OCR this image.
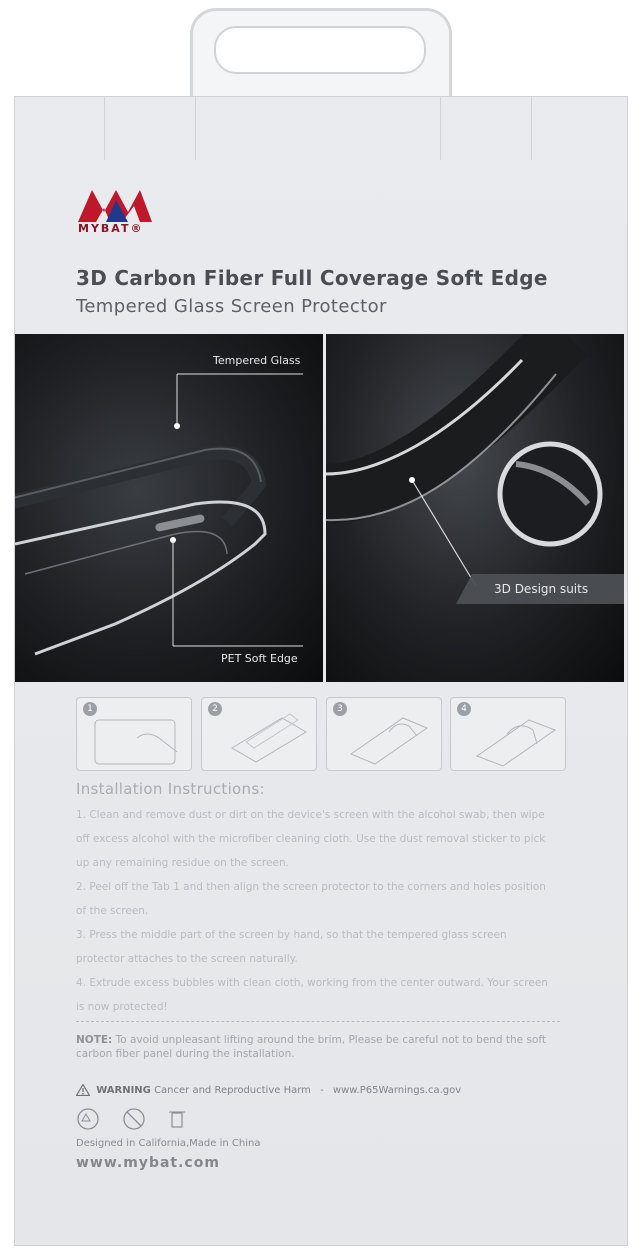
MYBAT®
3D Carbon Fiber Full Coverage Soft Edge
Tempered Glass Screen Protector
Tempered Glass
PET Soft Edge
3D Design suits
1	2	3	4
Installation Instructions:
1. Clean and remove dust or dirt on the device's screen with the alcohol swab, then wipe
off excess alcohol with the microfiber cleaning cloth. Use the dust removal sticker to pick
up any remaining residue on the screen.
2. Peel off the Tab 1 and then align the screen protector to the corners and holes position
of the screen.
3. Press the middle part of the screen by hand, so that the tempered glass screen
protector attaches to the screen naturally.
4. Extrude excess bubbles with clean cloth, working from the center outward. Your screen
is now protected!
NOTE: To avoid unpleasant lifting around the brim, Please be careful not to bend the soft carbon fiber panel during the installation.
WARNING Cancer and Reproductive Harm - www.P65Warnings.ca.gov
Designed in California,Made in China
www.mybat.com
